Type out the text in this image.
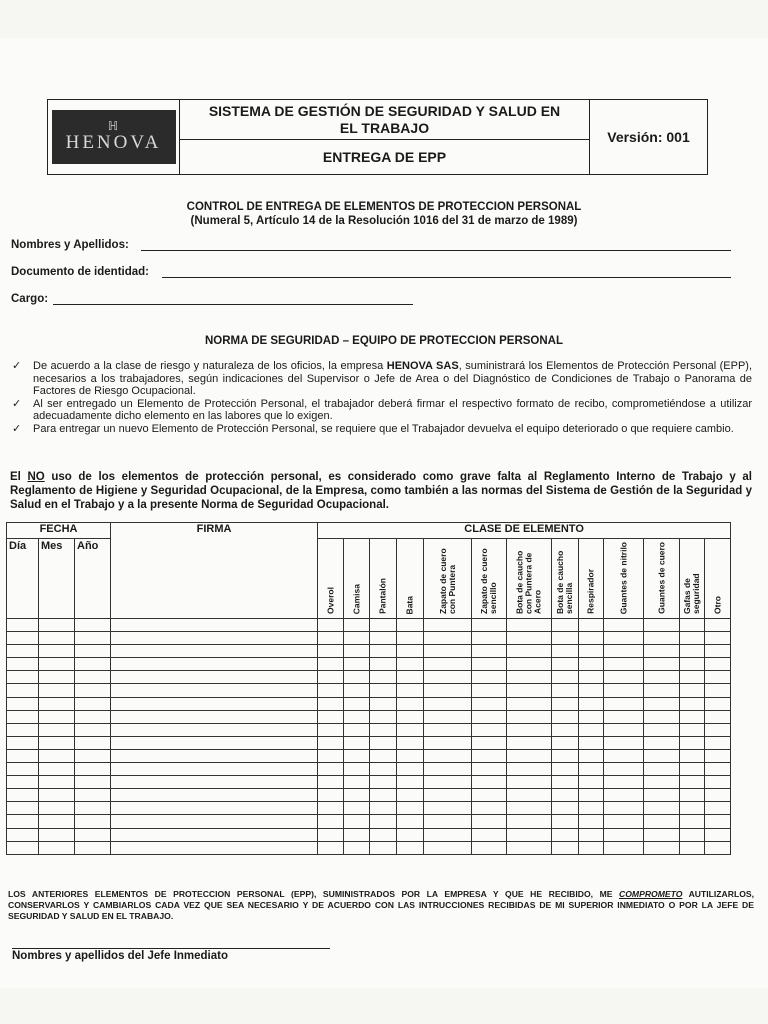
ℍ
HENOVA
SISTEMA DE GESTIÓN DE SEGURIDAD Y SALUD EN
EL TRABAJO
ENTREGA DE EPP
Versión: 001
CONTROL DE ENTREGA DE ELEMENTOS DE PROTECCION PERSONAL
(Numeral 5, Artículo 14 de la Resolución 1016 del 31 de marzo de 1989)
Nombres y Apellidos:
Documento de identidad:
Cargo:
NORMA DE SEGURIDAD – EQUIPO DE PROTECCION PERSONAL
✓ De acuerdo a la clase de riesgo y naturaleza de los oficios, la empresa HENOVA SAS, suministrará los Elementos de Protección Personal (EPP), necesarios a los trabajadores, según indicaciones del Supervisor o Jefe de Area o del Diagnóstico de Condiciones de Trabajo o Panorama de Factores de Riesgo Ocupacional.
✓ Al ser entregado un Elemento de Protección Personal, el trabajador deberá firmar el respectivo formato de recibo, comprometiéndose a utilizar adecuadamente dicho elemento en las labores que lo exigen.
✓ Para entregar un nuevo Elemento de Protección Personal, se requiere que el Trabajador devuelva el equipo deteriorado o que requiere cambio.
El NO uso de los elementos de protección personal, es considerado como grave falta al Reglamento Interno de Trabajo y al Reglamento de Higiene y Seguridad Ocupacional, de la Empresa, como también a las normas del Sistema de Gestión de la Seguridad y Salud en el Trabajo y a la presente Norma de Seguridad Ocupacional.
FECHA			FIRMA	CLASE DE ELEMENTO												
Día	Mes	Año		Overol	Camisa	Pantalón	Bata	Zapato de cuero con Puntera	Zapato de cuero sencillo	Bota de caucho con Puntera de Acero	Bota de caucho sencilla	Respirador	Guantes de nitrilo	Guantes de cuero	Gafas de seguridad	Otro

LOS ANTERIORES ELEMENTOS DE PROTECCION PERSONAL (EPP), SUMINISTRADOS POR LA EMPRESA Y QUE HE RECIBIDO, ME COMPROMETO AUTILIZARLOS, CONSERVARLOS Y CAMBIARLOS CADA VEZ QUE SEA NECESARIO Y DE ACUERDO CON LAS INTRUCCIONES RECIBIDAS DE MI SUPERIOR INMEDIATO O POR LA JEFE DE SEGURIDAD Y SALUD EN EL TRABAJO.
Nombres y apellidos del Jefe Inmediato
